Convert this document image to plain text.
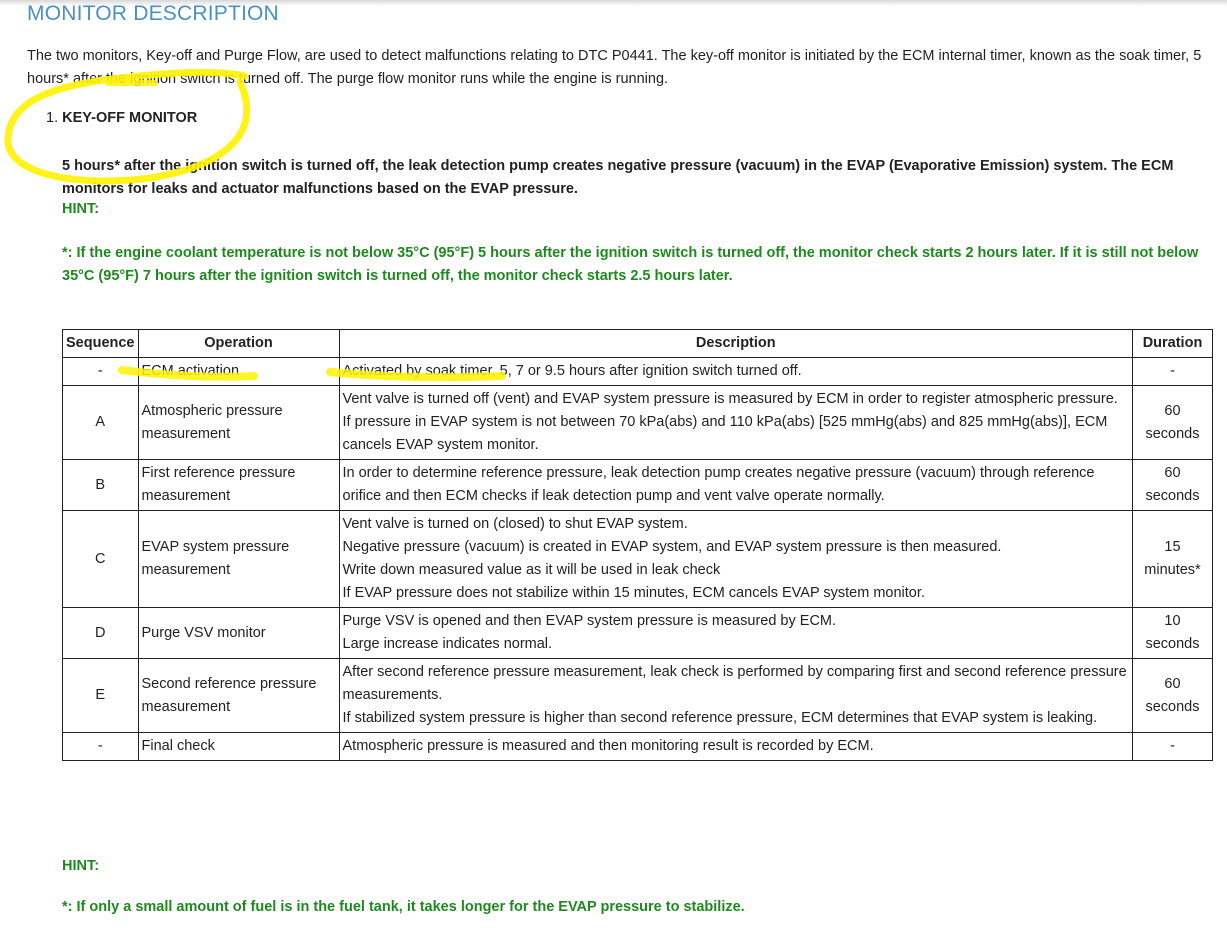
MONITOR DESCRIPTION

The two monitors, Key-off and Purge Flow, are used to detect malfunctions relating to DTC P0441. The key-off monitor is initiated by the ECM internal timer, known as the soak timer, 5 hours* after the ignition switch is turned off. The purge flow monitor runs while the engine is running.

1. KEY-OFF MONITOR

5 hours* after the ignition switch is turned off, the leak detection pump creates negative pressure (vacuum) in the EVAP (Evaporative Emission) system. The ECM monitors for leaks and actuator malfunctions based on the EVAP pressure.

HINT:

*: If the engine coolant temperature is not below 35°C (95°F) 5 hours after the ignition switch is turned off, the monitor check starts 2 hours later. If it is still not below 35°C (95°F) 7 hours after the ignition switch is turned off, the monitor check starts 2.5 hours later.

Sequence	Operation	Description	Duration
-	ECM activation	Activated by soak timer, 5, 7 or 9.5 hours after ignition switch turned off.	-
A	Atmospheric pressure measurement	Vent valve is turned off (vent) and EVAP system pressure is measured by ECM in order to register atmospheric pressure.
If pressure in EVAP system is not between 70 kPa(abs) and 110 kPa(abs) [525 mmHg(abs) and 825 mmHg(abs)], ECM cancels EVAP system monitor.	60 seconds
B	First reference pressure measurement	In order to determine reference pressure, leak detection pump creates negative pressure (vacuum) through reference orifice and then ECM checks if leak detection pump and vent valve operate normally.	60 seconds
C	EVAP system pressure measurement	Vent valve is turned on (closed) to shut EVAP system.
Negative pressure (vacuum) is created in EVAP system, and EVAP system pressure is then measured.
Write down measured value as it will be used in leak check
If EVAP pressure does not stabilize within 15 minutes, ECM cancels EVAP system monitor.	15 minutes*
D	Purge VSV monitor	Purge VSV is opened and then EVAP system pressure is measured by ECM.
Large increase indicates normal.	10 seconds
E	Second reference pressure measurement	After second reference pressure measurement, leak check is performed by comparing first and second reference pressure measurements.
If stabilized system pressure is higher than second reference pressure, ECM determines that EVAP system is leaking.	60 seconds
-	Final check	Atmospheric pressure is measured and then monitoring result is recorded by ECM.	-
HINT:
*: If only a small amount of fuel is in the fuel tank, it takes longer for the EVAP pressure to stabilize.
